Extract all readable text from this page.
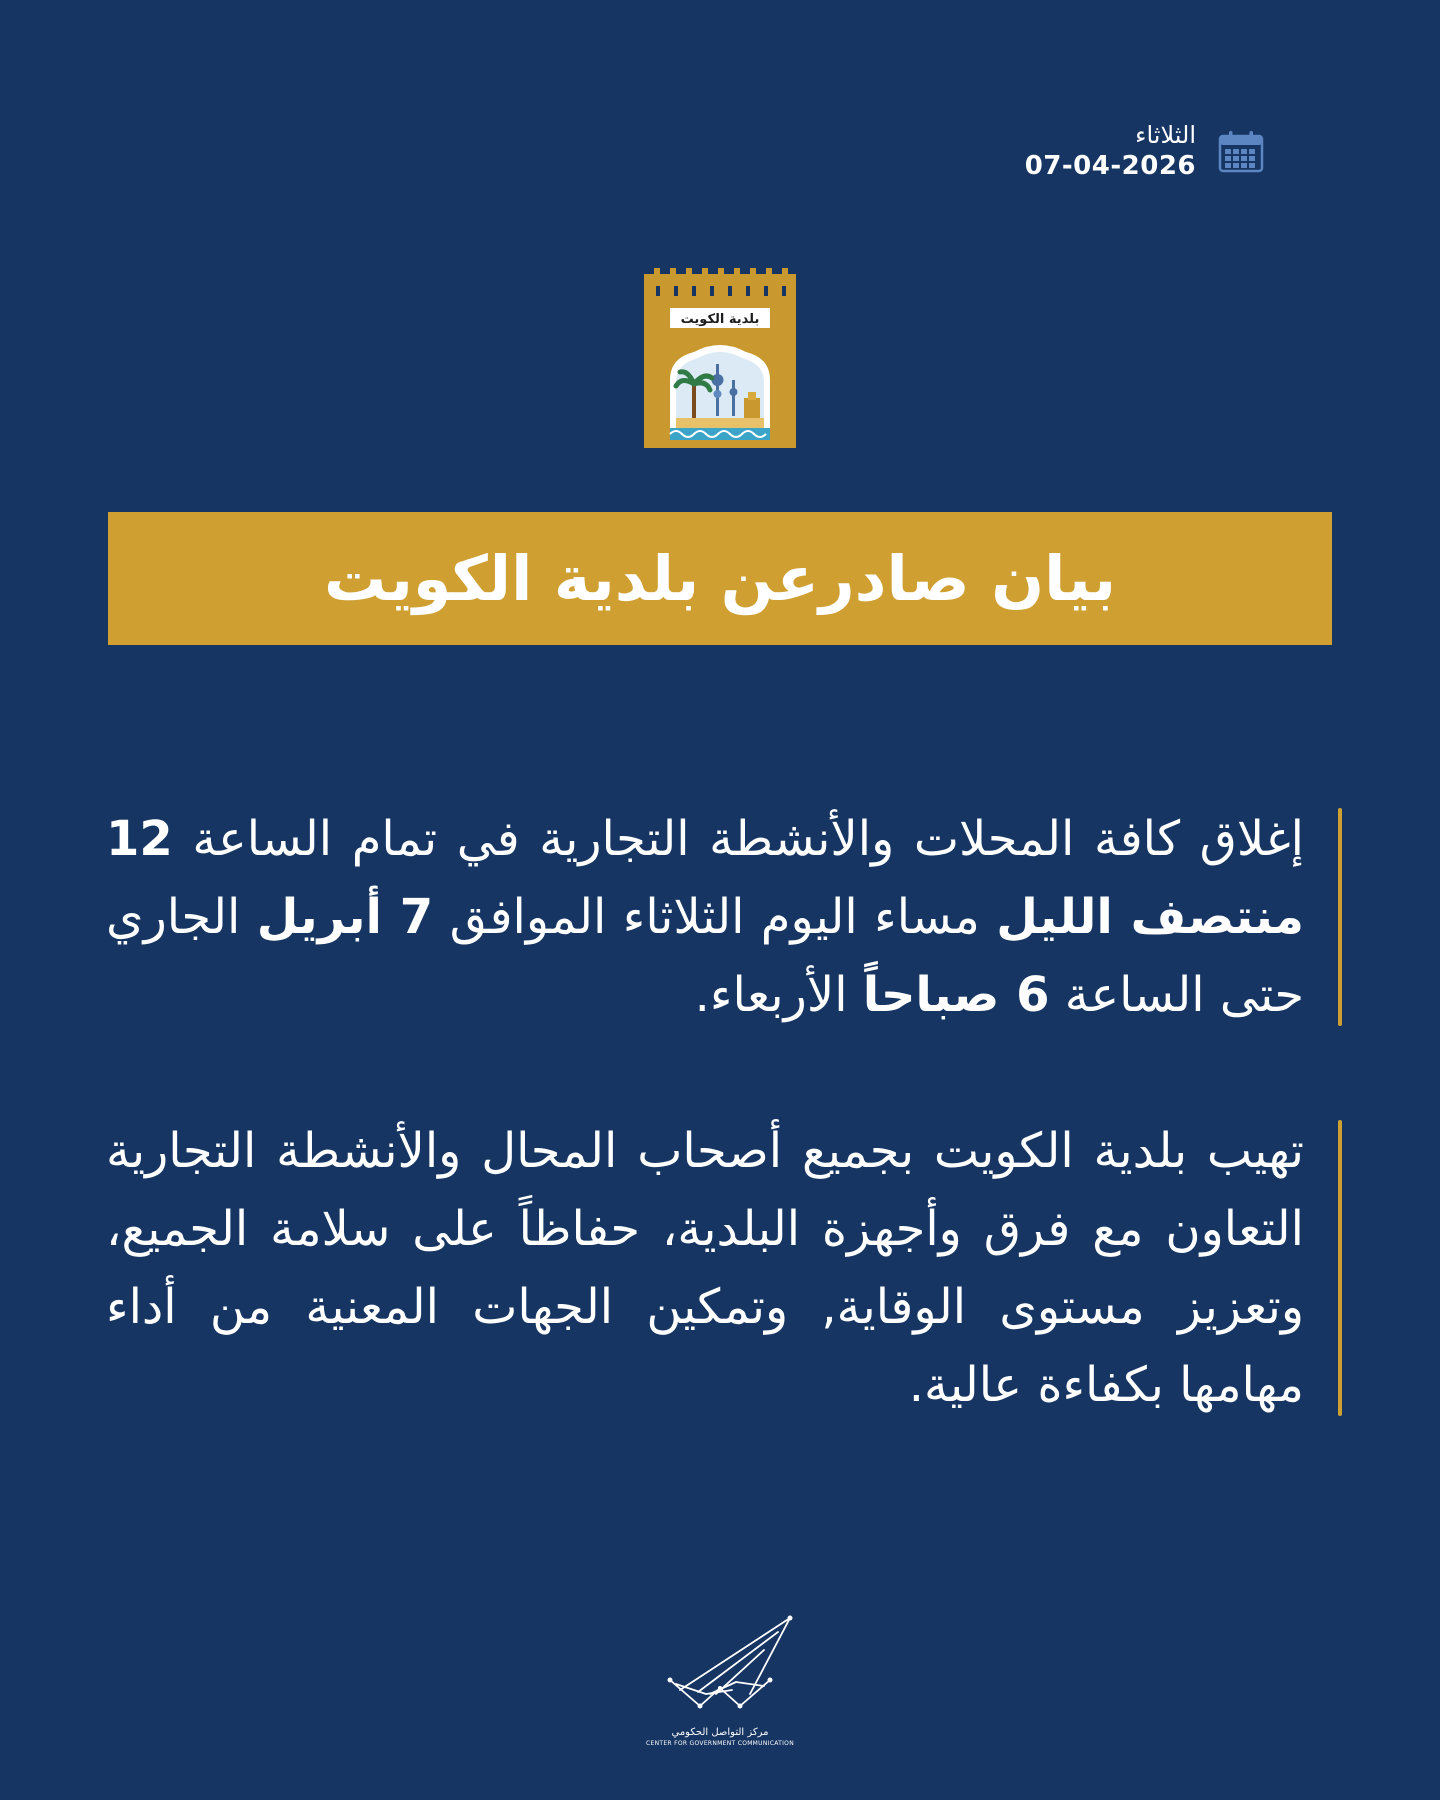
الثلاثاء
07-04-2026
بلدية الكويت
بيان صادرعن بلدية الكويت
إغلاق كافة المحلات والأنشطة التجارية في تمام الساعة 12 منتصف الليل مساء اليوم الثلاثاء الموافق 7 أبريل الجاري حتى الساعة 6 صباحاً الأربعاء.
تهيب بلدية الكويت بجميع أصحاب المحال والأنشطة التجارية التعاون مع فرق وأجهزة البلدية، حفاظاً على سلامة الجميع، وتعزيز مستوى الوقاية, وتمكين الجهات المعنية من أداء مهامها بكفاءة عالية.
مركز التواصل الحكومي
CENTER FOR GOVERNMENT COMMUNICATION
